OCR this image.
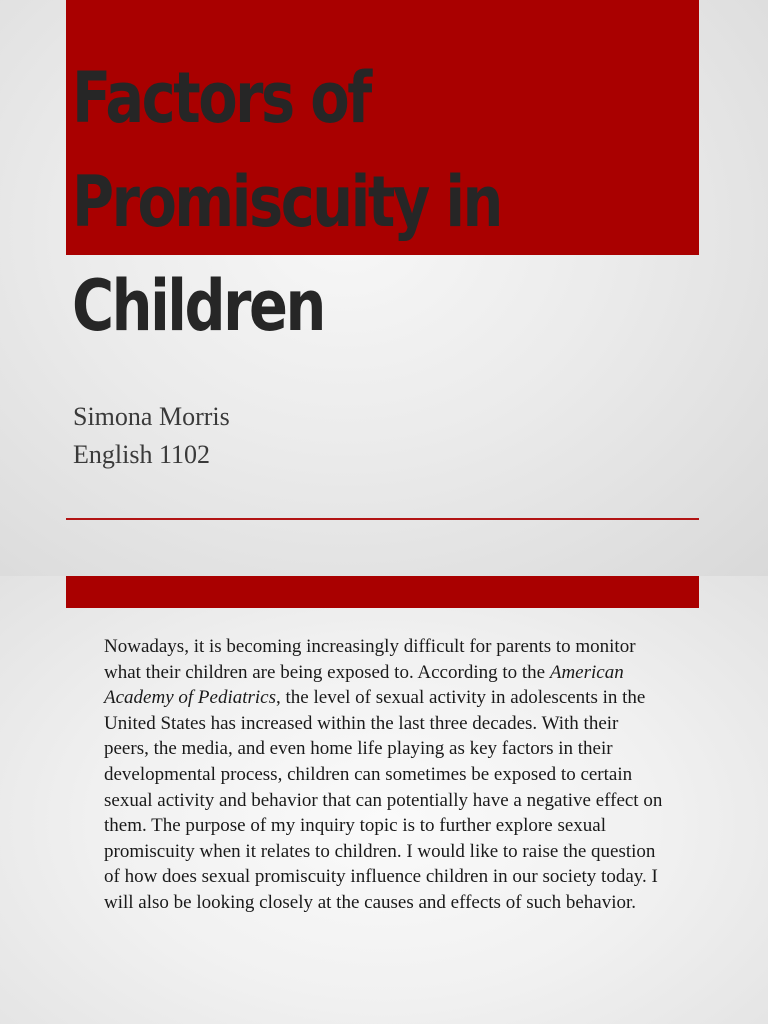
Factors of
Promiscuity in
Children
Simona Morris
English 1102

Nowadays, it is becoming increasingly difficult for parents to monitor what their children are being exposed to. According to the American Academy of Pediatrics, the level of sexual activity in adolescents in the United States has increased within the last three decades. With their peers, the media, and even home life playing as key factors in their developmental process, children can sometimes be exposed to certain sexual activity and behavior that can potentially have a negative effect on them. The purpose of my inquiry topic is to further explore sexual promiscuity when it relates to children. I would like to raise the question of how does sexual promiscuity influence children in our society today. I will also be looking closely at the causes and effects of such behavior.
